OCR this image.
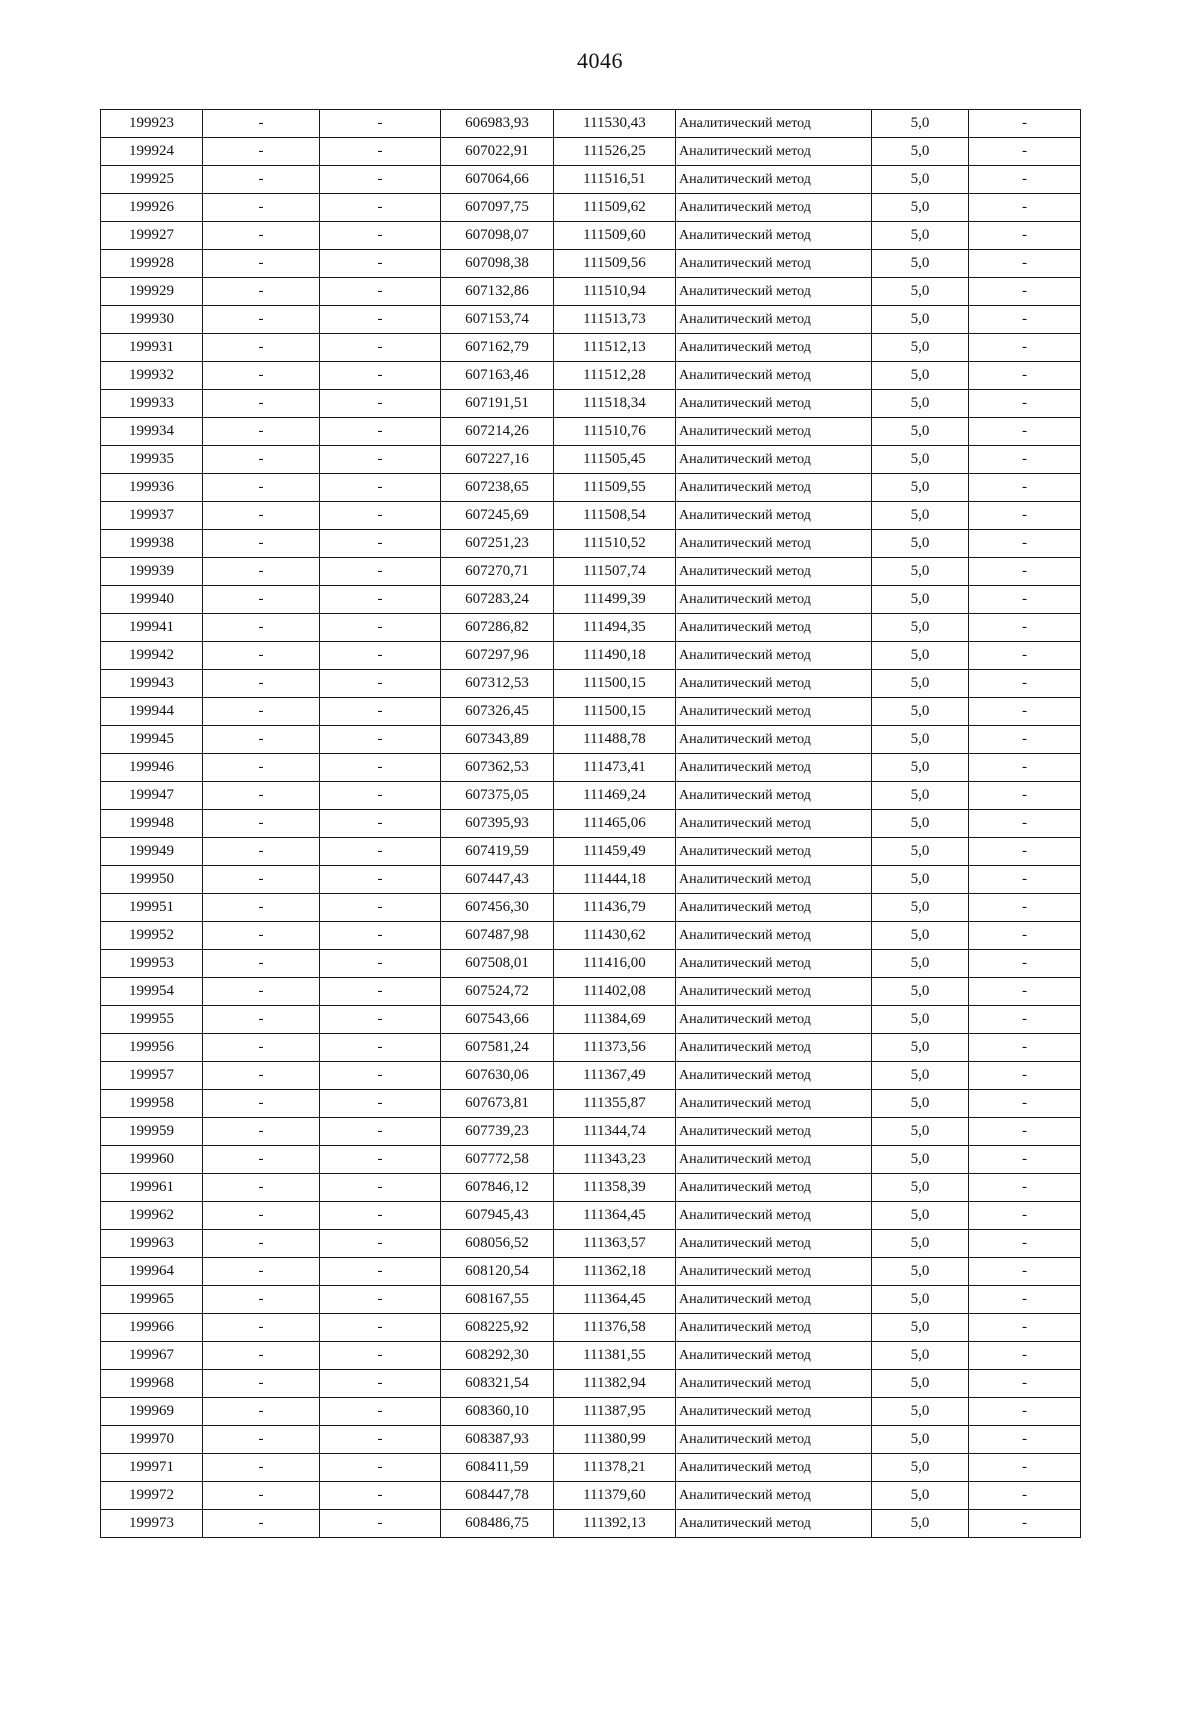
4046
199923	-	-	606983,93	111530,43	Аналитический метод	5,0	-
199924	-	-	607022,91	111526,25	Аналитический метод	5,0	-
199925	-	-	607064,66	111516,51	Аналитический метод	5,0	-
199926	-	-	607097,75	111509,62	Аналитический метод	5,0	-
199927	-	-	607098,07	111509,60	Аналитический метод	5,0	-
199928	-	-	607098,38	111509,56	Аналитический метод	5,0	-
199929	-	-	607132,86	111510,94	Аналитический метод	5,0	-
199930	-	-	607153,74	111513,73	Аналитический метод	5,0	-
199931	-	-	607162,79	111512,13	Аналитический метод	5,0	-
199932	-	-	607163,46	111512,28	Аналитический метод	5,0	-
199933	-	-	607191,51	111518,34	Аналитический метод	5,0	-
199934	-	-	607214,26	111510,76	Аналитический метод	5,0	-
199935	-	-	607227,16	111505,45	Аналитический метод	5,0	-
199936	-	-	607238,65	111509,55	Аналитический метод	5,0	-
199937	-	-	607245,69	111508,54	Аналитический метод	5,0	-
199938	-	-	607251,23	111510,52	Аналитический метод	5,0	-
199939	-	-	607270,71	111507,74	Аналитический метод	5,0	-
199940	-	-	607283,24	111499,39	Аналитический метод	5,0	-
199941	-	-	607286,82	111494,35	Аналитический метод	5,0	-
199942	-	-	607297,96	111490,18	Аналитический метод	5,0	-
199943	-	-	607312,53	111500,15	Аналитический метод	5,0	-
199944	-	-	607326,45	111500,15	Аналитический метод	5,0	-
199945	-	-	607343,89	111488,78	Аналитический метод	5,0	-
199946	-	-	607362,53	111473,41	Аналитический метод	5,0	-
199947	-	-	607375,05	111469,24	Аналитический метод	5,0	-
199948	-	-	607395,93	111465,06	Аналитический метод	5,0	-
199949	-	-	607419,59	111459,49	Аналитический метод	5,0	-
199950	-	-	607447,43	111444,18	Аналитический метод	5,0	-
199951	-	-	607456,30	111436,79	Аналитический метод	5,0	-
199952	-	-	607487,98	111430,62	Аналитический метод	5,0	-
199953	-	-	607508,01	111416,00	Аналитический метод	5,0	-
199954	-	-	607524,72	111402,08	Аналитический метод	5,0	-
199955	-	-	607543,66	111384,69	Аналитический метод	5,0	-
199956	-	-	607581,24	111373,56	Аналитический метод	5,0	-
199957	-	-	607630,06	111367,49	Аналитический метод	5,0	-
199958	-	-	607673,81	111355,87	Аналитический метод	5,0	-
199959	-	-	607739,23	111344,74	Аналитический метод	5,0	-
199960	-	-	607772,58	111343,23	Аналитический метод	5,0	-
199961	-	-	607846,12	111358,39	Аналитический метод	5,0	-
199962	-	-	607945,43	111364,45	Аналитический метод	5,0	-
199963	-	-	608056,52	111363,57	Аналитический метод	5,0	-
199964	-	-	608120,54	111362,18	Аналитический метод	5,0	-
199965	-	-	608167,55	111364,45	Аналитический метод	5,0	-
199966	-	-	608225,92	111376,58	Аналитический метод	5,0	-
199967	-	-	608292,30	111381,55	Аналитический метод	5,0	-
199968	-	-	608321,54	111382,94	Аналитический метод	5,0	-
199969	-	-	608360,10	111387,95	Аналитический метод	5,0	-
199970	-	-	608387,93	111380,99	Аналитический метод	5,0	-
199971	-	-	608411,59	111378,21	Аналитический метод	5,0	-
199972	-	-	608447,78	111379,60	Аналитический метод	5,0	-
199973	-	-	608486,75	111392,13	Аналитический метод	5,0	-
